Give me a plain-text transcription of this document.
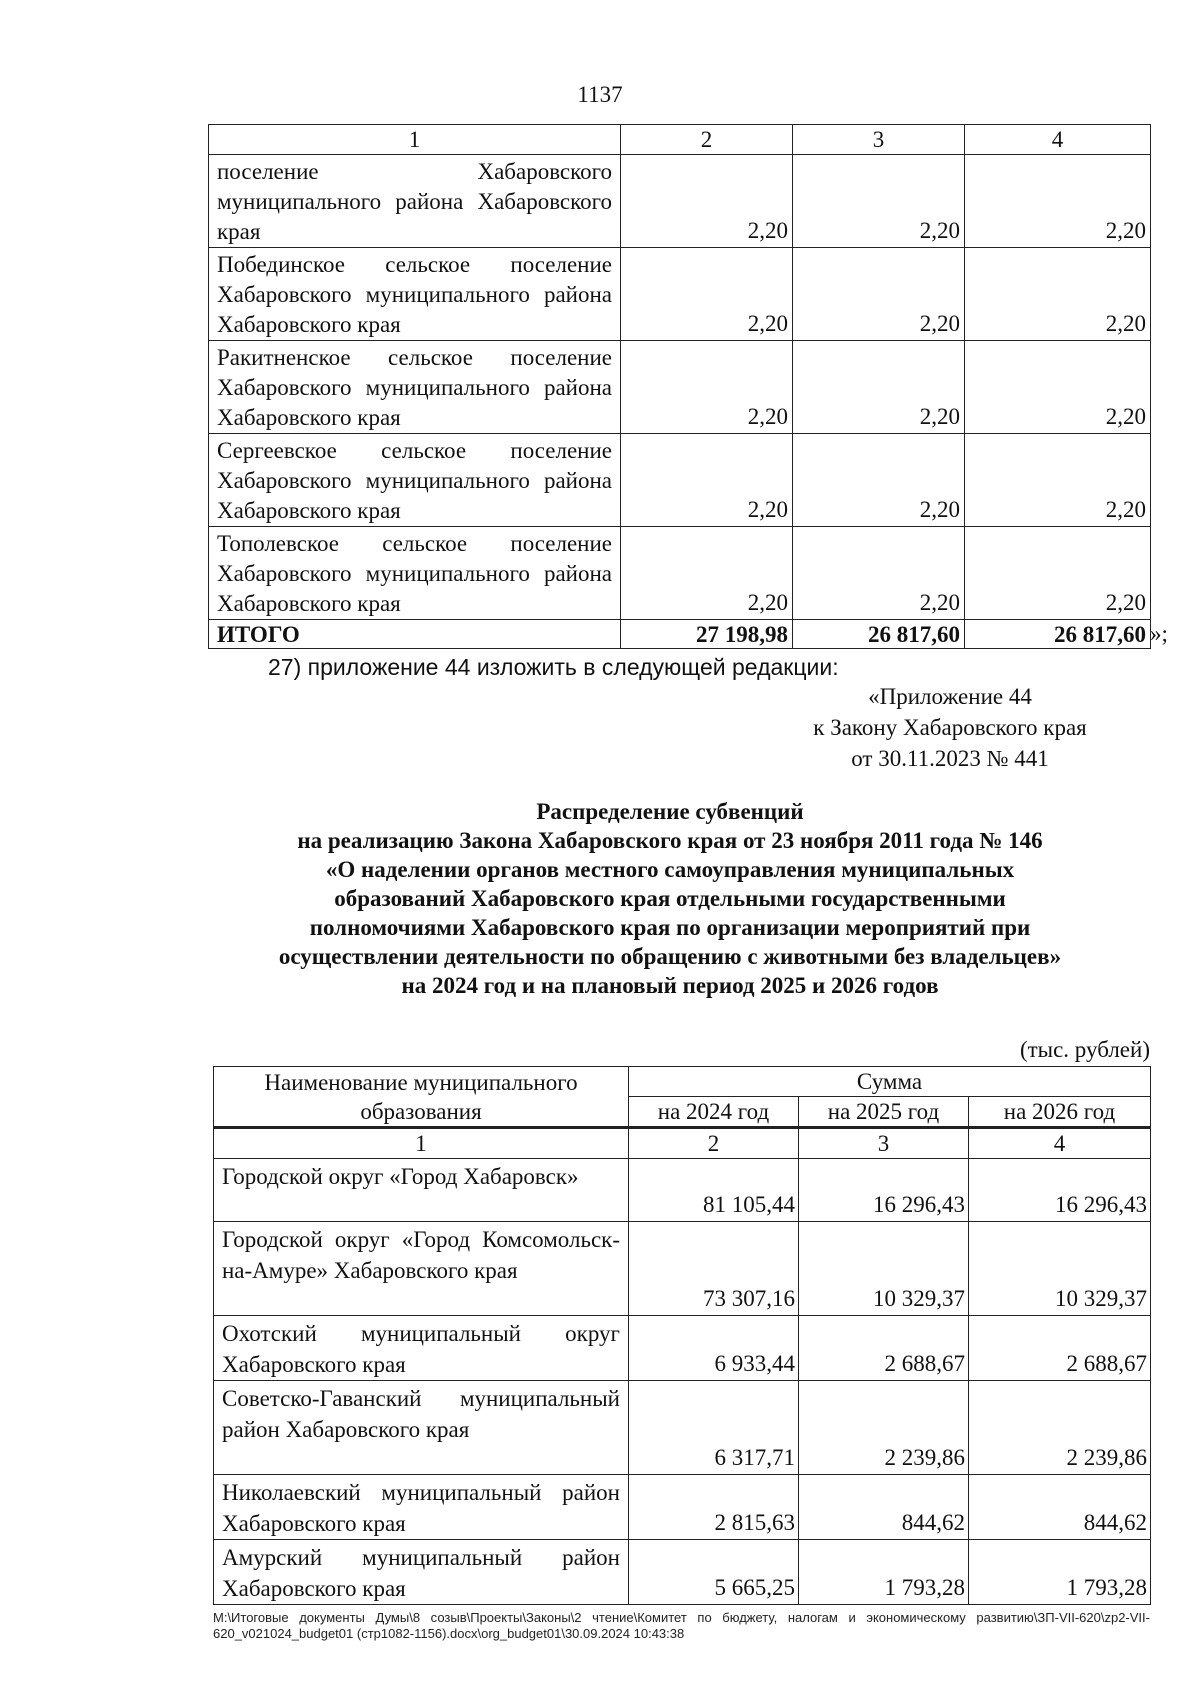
1137
1	2	3	4
поселение Хабаровского муниципального района Хабаровского края	2,20	2,20	2,20
Побединское сельское поселение Хабаровского муниципального района Хабаровского края	2,20	2,20	2,20
Ракитненское сельское поселение Хабаровского муниципального района Хабаровского края	2,20	2,20	2,20
Сергеевское сельское поселение Хабаровского муниципального района Хабаровского края	2,20	2,20	2,20
Тополевское сельское поселение Хабаровского муниципального района Хабаровского края	2,20	2,20	2,20
ИТОГО	27 198,98	26 817,60	26 817,60 »;
27) приложение 44 изложить в следующей редакции:
«Приложение 44
к Закону Хабаровского края
от 30.11.2023 № 441
Распределение субвенций
на реализацию Закона Хабаровского края от 23 ноября 2011 года № 146
«О наделении органов местного самоуправления муниципальных
образований Хабаровского края отдельными государственными
полномочиями Хабаровского края по организации мероприятий при
осуществлении деятельности по обращению с животными без владельцев»
на 2024 год и на плановый период 2025 и 2026 годов
(тыс. рублей)
Наименование муниципального образования	Сумма		
	на 2024 год	на 2025 год	на 2026 год
1	2	3	4
Городской округ «Город Хабаровск»	81 105,44	16 296,43	16 296,43
Городской округ «Город Комсомольск-на-Амуре» Хабаровского края	73 307,16	10 329,37	10 329,37
Охотский муниципальный округ Хабаровского края	6 933,44	2 688,67	2 688,67
Советско-Гаванский муниципальный район Хабаровского края	6 317,71	2 239,86	2 239,86
Николаевский муниципальный район Хабаровского края	2 815,63	844,62	844,62
Амурский муниципальный район Хабаровского края	5 665,25	1 793,28	1 793,28
М:\Итоговые документы Думы\8 созыв\Проекты\Законы\2 чтение\Комитет по бюджету, налогам и экономическому развитию\ЗП-VII-620\zp2-VII-620_v021024_budget01 (стр1082-1156).docx\org_budget01\30.09.2024 10:43:38
